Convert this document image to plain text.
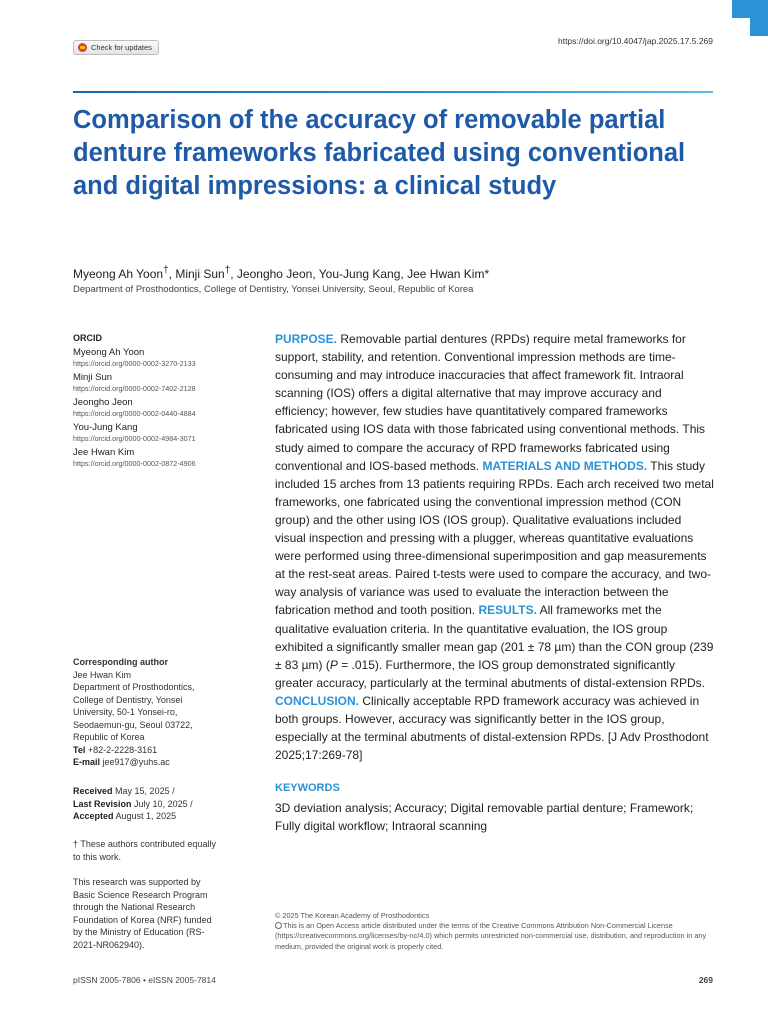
Check for updates
https://doi.org/10.4047/jap.2025.17.5.269
Comparison of the accuracy of removable partial denture frameworks fabricated using conventional and digital impressions: a clinical study
Myeong Ah Yoon†, Minji Sun†, Jeongho Jeon, You-Jung Kang, Jee Hwan Kim*
Department of Prosthodontics, College of Dentistry, Yonsei University, Seoul, Republic of Korea
ORCID
Myeong Ah Yoon
https://orcid.org/0000-0002-3270-2133
Minji Sun
https://orcid.org/0000-0002-7402-2128
Jeongho Jeon
https://orcid.org/0000-0002-0440-4884
You-Jung Kang
https://orcid.org/0000-0002-4984-3071
Jee Hwan Kim
https://orcid.org/0000-0002-0872-4906
Corresponding author

Jee Hwan Kim

Department of Prosthodontics, College of Dentistry, Yonsei University, 50-1 Yonsei-ro, Seodaemun-gu, Seoul 03722, Republic of Korea

Tel +82-2-2228-3161

E-mail jee917@yuhs.ac

Received May 15, 2025 /

Last Revision July 10, 2025 /

Accepted August 1, 2025

† These authors contributed equally to this work.

This research was supported by Basic Science Research Program through the National Research Foundation of Korea (NRF) funded by the Ministry of Education (RS-2021-NR062940).

PURPOSE. Removable partial dentures (RPDs) require metal frameworks for support, stability, and retention. Conventional impression methods are time-consuming and may introduce inaccuracies that affect framework fit. Intraoral scanning (IOS) offers a digital alternative that may improve accuracy and efficiency; however, few studies have quantitatively compared frameworks fabricated using IOS data with those fabricated using conventional methods. This study aimed to compare the accuracy of RPD frameworks fabricated using conventional and IOS-based methods. MATERIALS AND METHODS. This study included 15 arches from 13 patients requiring RPDs. Each arch received two metal frameworks, one fabricated using the conventional impression method (CON group) and the other using IOS (IOS group). Qualitative evaluations included visual inspection and pressing with a plugger, whereas quantitative evaluations were performed using three-dimensional superimposition and gap measurements at the rest-seat areas. Paired t-tests were used to compare the accuracy, and two-way analysis of variance was used to evaluate the interaction between the fabrication method and tooth position. RESULTS. All frameworks met the qualitative evaluation criteria. In the quantitative evaluation, the IOS group exhibited a significantly smaller mean gap (201 ± 78 µm) than the CON group (239 ± 83 µm) (P = .015). Furthermore, the IOS group demonstrated significantly greater accuracy, particularly at the terminal abutments of distal-extension RPDs. CONCLUSION. Clinically acceptable RPD framework accuracy was achieved in both groups. However, accuracy was significantly better in the IOS group, especially at the terminal abutments of distal-extension RPDs. [J Adv Prosthodont 2025;17:269-78]

KEYWORDS

3D deviation analysis; Accuracy; Digital removable partial denture; Framework; Fully digital workflow; Intraoral scanning

© 2025 The Korean Academy of Prosthodontics

This is an Open Access article distributed under the terms of the Creative Commons Attribution Non-Commercial License (https://creativecommons.org/licenses/by-nc/4.0) which permits unrestricted non-commercial use, distribution, and reproduction in any medium, provided the original work is properly cited.

pISSN 2005-7806 • eISSN 2005-7814	269
